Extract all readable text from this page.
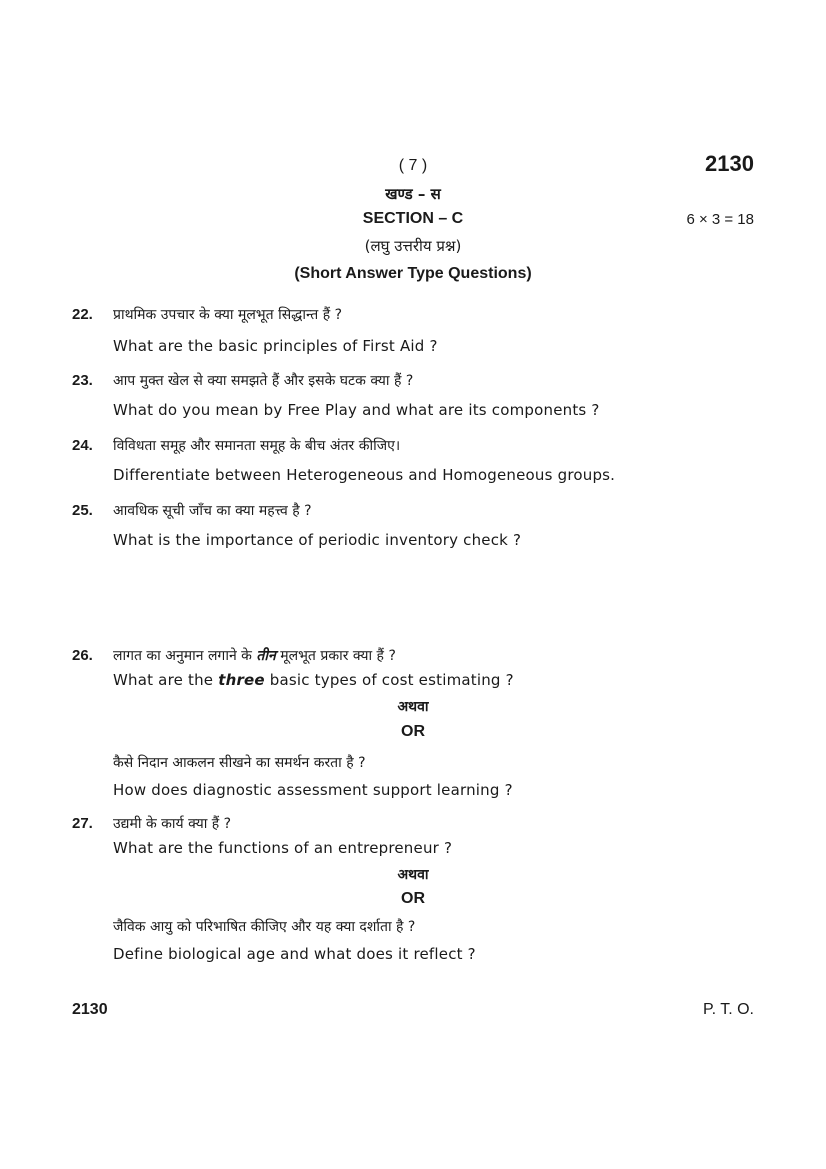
( 7 )	2130
खण्ड – स
SECTION – C	6 × 3 = 18
(लघु उत्तरीय प्रश्न)
(Short Answer Type Questions)
22. प्राथमिक उपचार के क्या मूलभूत सिद्धान्त हैं ?
What are the basic principles of First Aid ?
23. आप मुक्त खेल से क्या समझते हैं और इसके घटक क्या हैं ?
What do you mean by Free Play and what are its components ?
24. विविधता समूह और समानता समूह के बीच अंतर कीजिए।
Differentiate between Heterogeneous and Homogeneous groups.
25. आवधिक सूची जाँच का क्या महत्त्व है ?
What is the importance of periodic inventory check ?
26. लागत का अनुमान लगाने के तीन मूलभूत प्रकार क्या हैं ?
What are the three basic types of cost estimating ?
अथवा
OR
कैसे निदान आकलन सीखने का समर्थन करता है ?
How does diagnostic assessment support learning ?
27. उद्यमी के कार्य क्या हैं ?
What are the functions of an entrepreneur ?
अथवा
OR
जैविक आयु को परिभाषित कीजिए और यह क्या दर्शाता है ?
Define biological age and what does it reflect ?
2130	P. T. O.
